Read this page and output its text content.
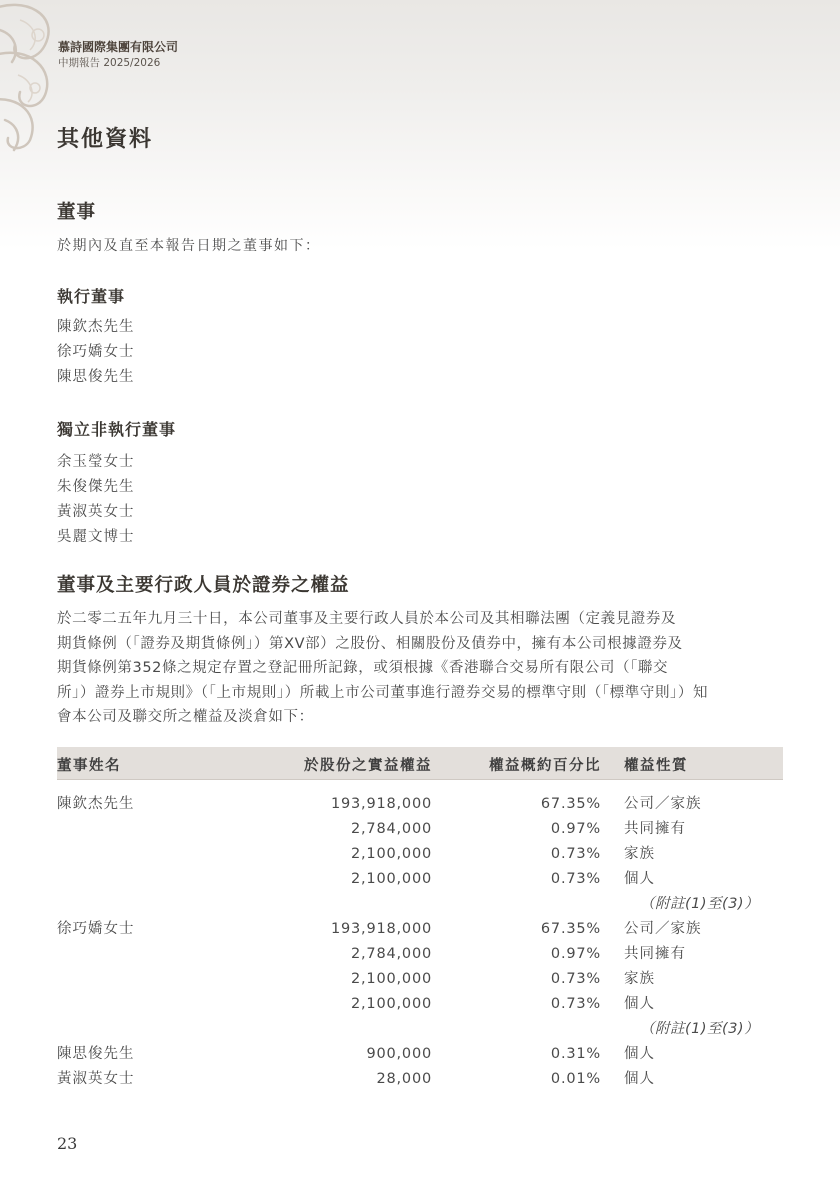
慕詩國際集團有限公司
中期報告 2025/2026
其他資料
董事
於期內及直至本報告日期之董事如下：
執行董事
陳欽杰先生
徐巧嬌女士
陳思俊先生
獨立非執行董事
余玉瑩女士
朱俊傑先生
黃淑英女士
吳麗文博士
董事及主要行政人員於證券之權益
於二零二五年九月三十日，本公司董事及主要行政人員於本公司及其相聯法團（定義見證券及
期貨條例（「證券及期貨條例」）第XV部）之股份、相關股份及債券中，擁有本公司根據證券及
期貨條例第352條之規定存置之登記冊所記錄，或須根據《香港聯合交易所有限公司（「聯交
所」）證券上市規則》（「上市規則」）所載上市公司董事進行證券交易的標準守則（「標準守則」）知
會本公司及聯交所之權益及淡倉如下：
董事姓名	於股份之實益權益	權益概約百分比 權益性質
陳欽杰先生	193,918,000	67.35% 公司／家族
2,784,000	0.97% 共同擁有
2,100,000	0.73% 家族
2,100,000	0.73% 個人
（附註(1)至(3)）
徐巧嬌女士	193,918,000	67.35% 公司／家族
2,784,000	0.97% 共同擁有
2,100,000	0.73% 家族
2,100,000	0.73% 個人
（附註(1)至(3)）
陳思俊先生	900,000	0.31% 個人
黃淑英女士	28,000	0.01% 個人
23
